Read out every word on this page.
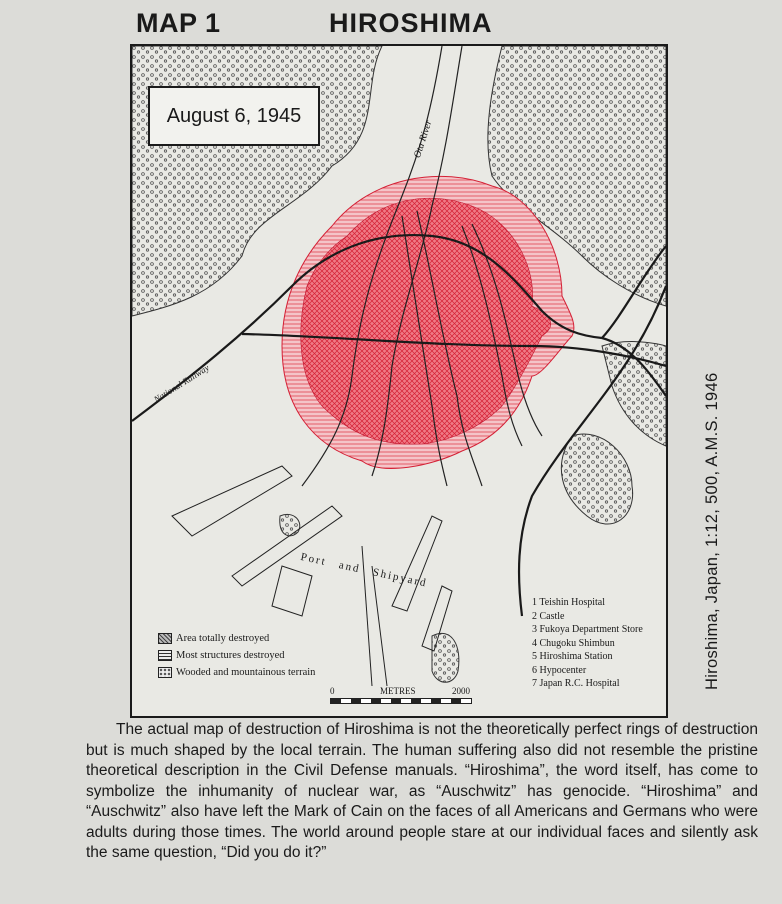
MAP 1	HIROSHIMA
August 6, 1945
Ota River
National Railway
Port and Shipyard
Area totally destroyed
Most structures destroyed
Wooded and mountainous terrain
0	METRES	2000
1 Teishin Hospital
2 Castle
3 Fukoya Department Store
4 Chugoku Shimbun
5 Hiroshima Station
6 Hypocenter
7 Japan R.C. Hospital	Hiroshima, Japan, 1:12, 500, A.M.S. 1946
The actual map of destruction of Hiroshima is not the theoretically perfect rings of destruction but is much shaped by the local terrain. The human suffering also did not resemble the pristine theoretical description in the Civil Defense manuals. “Hiroshima”, the word itself, has come to symbolize the inhumanity of nuclear war, as “Auschwitz” has genocide. “Hiroshima” and “Auschwitz” also have left the Mark of Cain on the faces of all Americans and Germans who were adults during those times. The world around people stare at our individual faces and silently ask the same question, “Did you do it?”
